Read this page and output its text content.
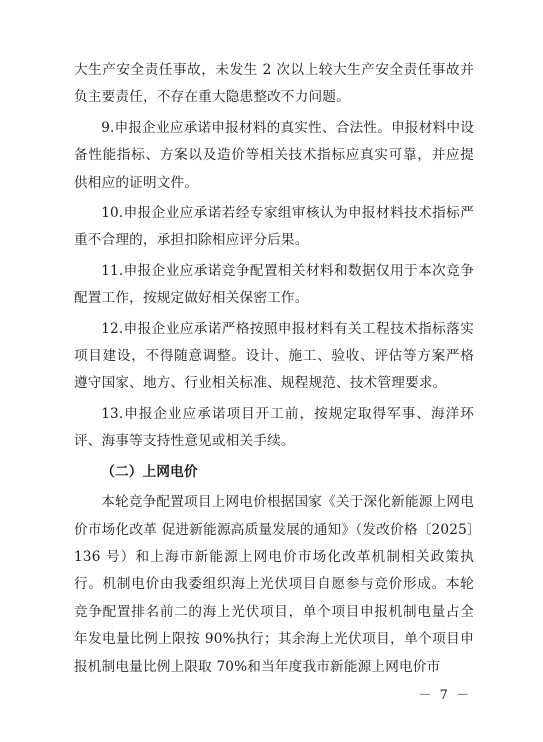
大生产安全责任事故，未发生 2 次以上较大生产安全责任事故并负主要责任，不存在重大隐患整改不力问题。

9.申报企业应承诺申报材料的真实性、合法性。申报材料中设备性能指标、方案以及造价等相关技术指标应真实可靠，并应提供相应的证明文件。

10.申报企业应承诺若经专家组审核认为申报材料技术指标严重不合理的，承担扣除相应评分后果。

11.申报企业应承诺竞争配置相关材料和数据仅用于本次竞争配置工作，按规定做好相关保密工作。

12.申报企业应承诺严格按照申报材料有关工程技术指标落实项目建设，不得随意调整。设计、施工、验收、评估等方案严格遵守国家、地方、行业相关标准、规程规范、技术管理要求。

13.申报企业应承诺项目开工前，按规定取得军事、海洋环评、海事等支持性意见或相关手续。

（二）上网电价

本轮竞争配置项目上网电价根据国家《关于深化新能源上网电价市场化改革 促进新能源高质量发展的通知》（发改价格〔2025〕136 号）和上海市新能源上网电价市场化改革机制相关政策执行。机制电价由我委组织海上光伏项目自愿参与竞价形成。本轮竞争配置排名前二的海上光伏项目，单个项目申报机制电量占全年发电量比例上限按 90%执行；其余海上光伏项目，单个项目申报机制电量比例上限取 70%和当年度我市新能源上网电价市

－ 7 －
